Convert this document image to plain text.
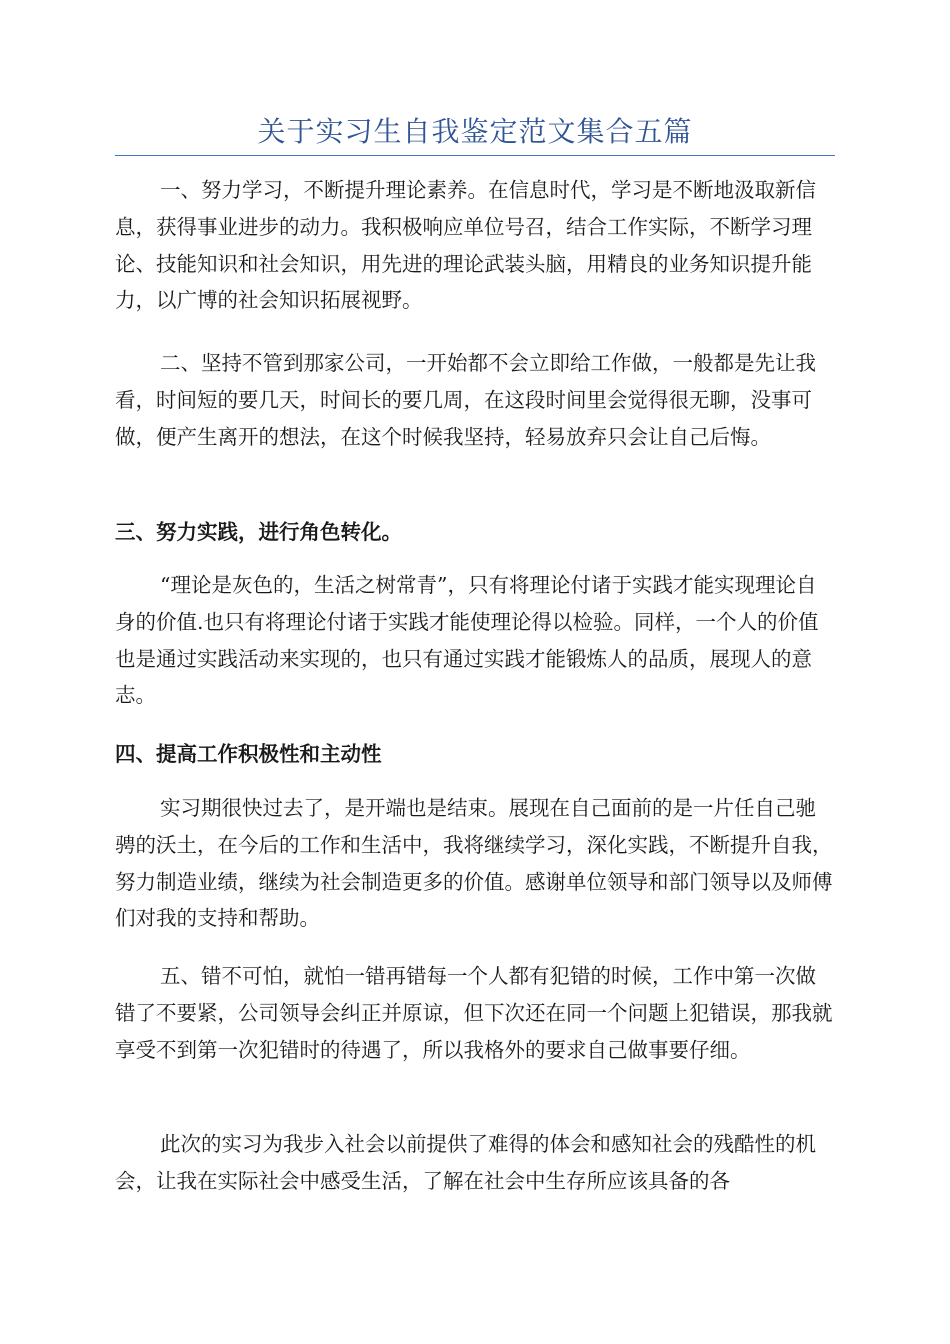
关于实习生自我鉴定范文集合五篇
一、努力学习，不断提升理论素养。在信息时代，学习是不断地汲取新信息，获得事业进步的动力。我积极响应单位号召，结合工作实际，不断学习理论、技能知识和社会知识，用先进的理论武装头脑，用精良的业务知识提升能力，以广博的社会知识拓展视野。
二、坚持不管到那家公司，一开始都不会立即给工作做，一般都是先让我看，时间短的要几天，时间长的要几周，在这段时间里会觉得很无聊，没事可做，便产生离开的想法，在这个时候我坚持，轻易放弃只会让自己后悔。
三、努力实践，进行角色转化。
“理论是灰色的，生活之树常青”，只有将理论付诸于实践才能实现理论自身的价值.也只有将理论付诸于实践才能使理论得以检验。同样，一个人的价值也是通过实践活动来实现的，也只有通过实践才能锻炼人的品质，展现人的意志。
四、提高工作积极性和主动性
实习期很快过去了，是开端也是结束。展现在自己面前的是一片任自己驰骋的沃土，在今后的工作和生活中，我将继续学习，深化实践，不断提升自我，努力制造业绩，继续为社会制造更多的价值。感谢单位领导和部门领导以及师傅们对我的支持和帮助。
五、错不可怕，就怕一错再错每一个人都有犯错的时候，工作中第一次做错了不要紧，公司领导会纠正并原谅，但下次还在同一个问题上犯错误，那我就享受不到第一次犯错时的待遇了，所以我格外的要求自己做事要仔细。
此次的实习为我步入社会以前提供了难得的体会和感知社会的残酷性的机会，让我在实际社会中感受生活，了解在社会中生存所应该具备的各
